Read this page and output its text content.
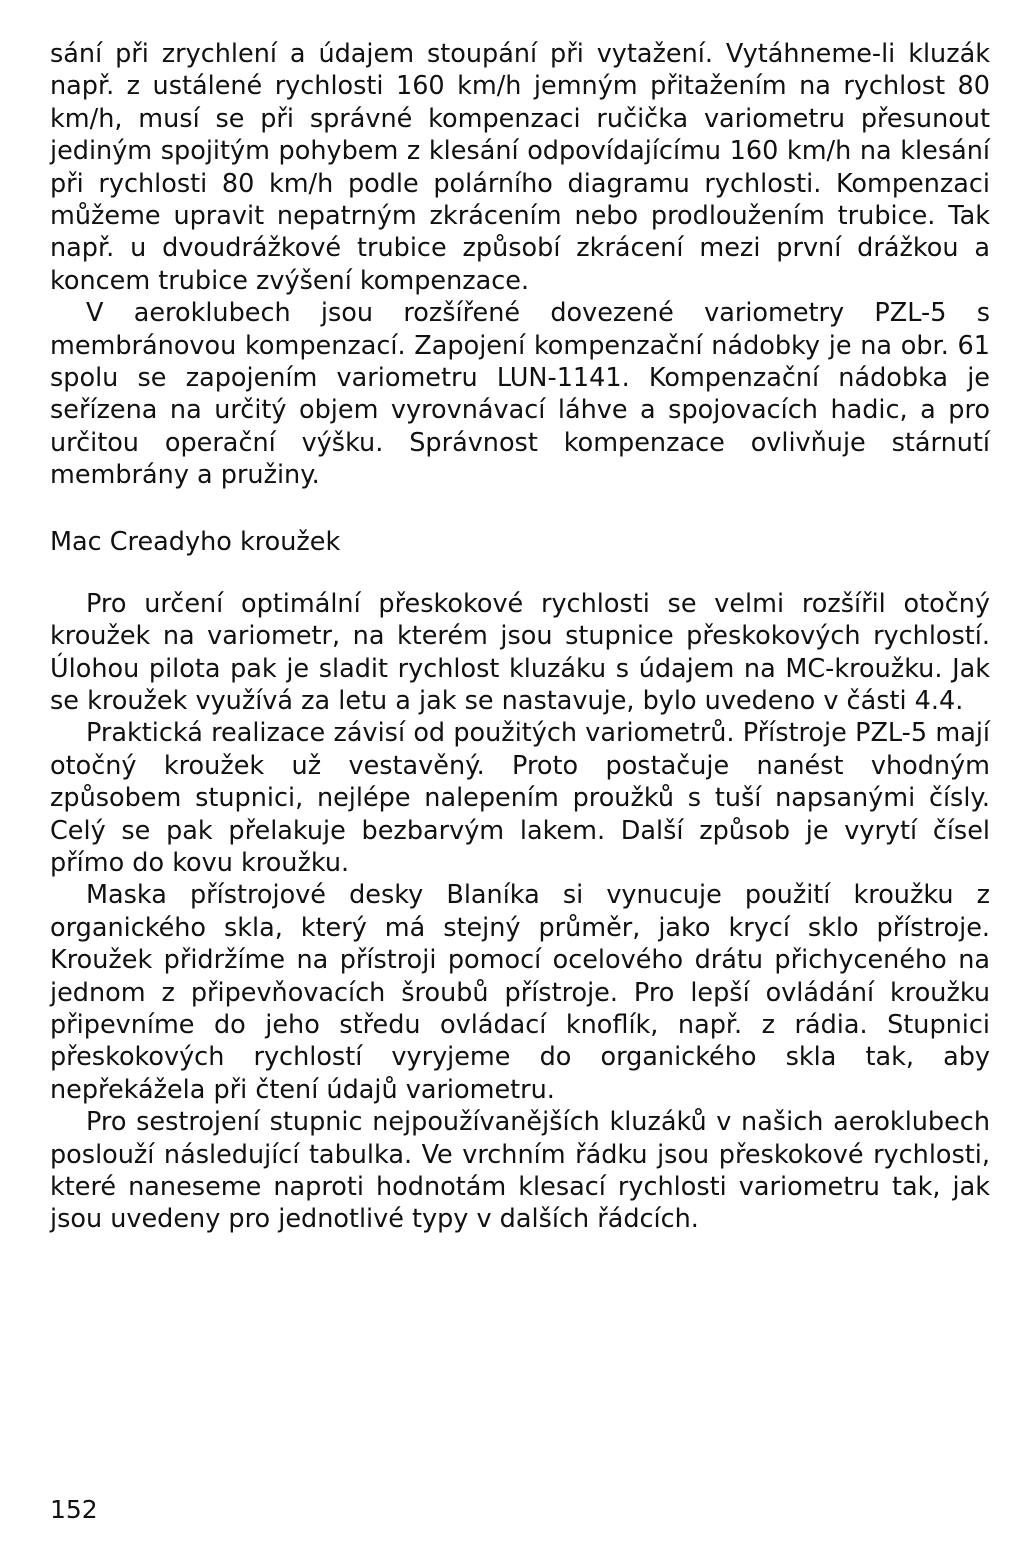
sání při zrychlení a údajem stoupání při vytažení. Vytáhneme-li kluzák např. z ustálené rychlosti 160 km/h jemným přitažením na rychlost 80 km/h, musí se při správné kompenzaci ručička variometru přesunout jediným spojitým pohybem z klesání odpovídajícímu 160 km/h na klesání při rychlosti 80 km/h podle polárního diagramu rychlosti. Kompenzaci můžeme upravit nepatrným zkrácením nebo prodloužením trubice. Tak např. u dvoudrážkové trubice způsobí zkrácení mezi první drážkou a koncem trubice zvýšení kompenzace.

V aeroklubech jsou rozšířené dovezené variometry PZL-5 s membránovou kompenzací. Zapojení kompenzační nádobky je na obr. 61 spolu se zapojením variometru LUN-1141. Kompenzační nádobka je seřízena na určitý objem vyrovnávací láhve a spojovacích hadic, a pro určitou operační výšku. Správnost kompenzace ovlivňuje stárnutí membrány a pružiny.

Mac Creadyho kroužek

Pro určení optimální přeskokové rychlosti se velmi rozšířil otočný kroužek na variometr, na kterém jsou stupnice přeskokových rychlostí. Úlohou pilota pak je sladit rychlost kluzáku s údajem na MC-kroužku. Jak se kroužek využívá za letu a jak se nastavuje, bylo uvedeno v části 4.4.

Praktická realizace závisí od použitých variometrů. Přístroje PZL-5 mají otočný kroužek už vestavěný. Proto postačuje nanést vhodným způsobem stupnici, nejlépe nalepením proužků s tuší napsanými čísly. Celý se pak přelakuje bezbarvým lakem. Další způsob je vyrytí čísel přímo do kovu kroužku.

Maska přístrojové desky Blaníka si vynucuje použití kroužku z organického skla, který má stejný průměr, jako krycí sklo přístroje. Kroužek přidržíme na přístroji pomocí ocelového drátu přichyceného na jednom z připevňovacích šroubů přístroje. Pro lepší ovládání kroužku připevníme do jeho středu ovládací knoflík, např. z rádia. Stupnici přeskokových rychlostí vyryjeme do organického skla tak, aby nepřekážela při čtení údajů variometru.

Pro sestrojení stupnic nejpoužívanějších kluzáků v našich aeroklubech poslouží následující tabulka. Ve vrchním řádku jsou přeskokové rychlosti, které naneseme naproti hodnotám klesací rychlosti variometru tak, jak jsou uvedeny pro jednotlivé typy v dalších řádcích.

152
